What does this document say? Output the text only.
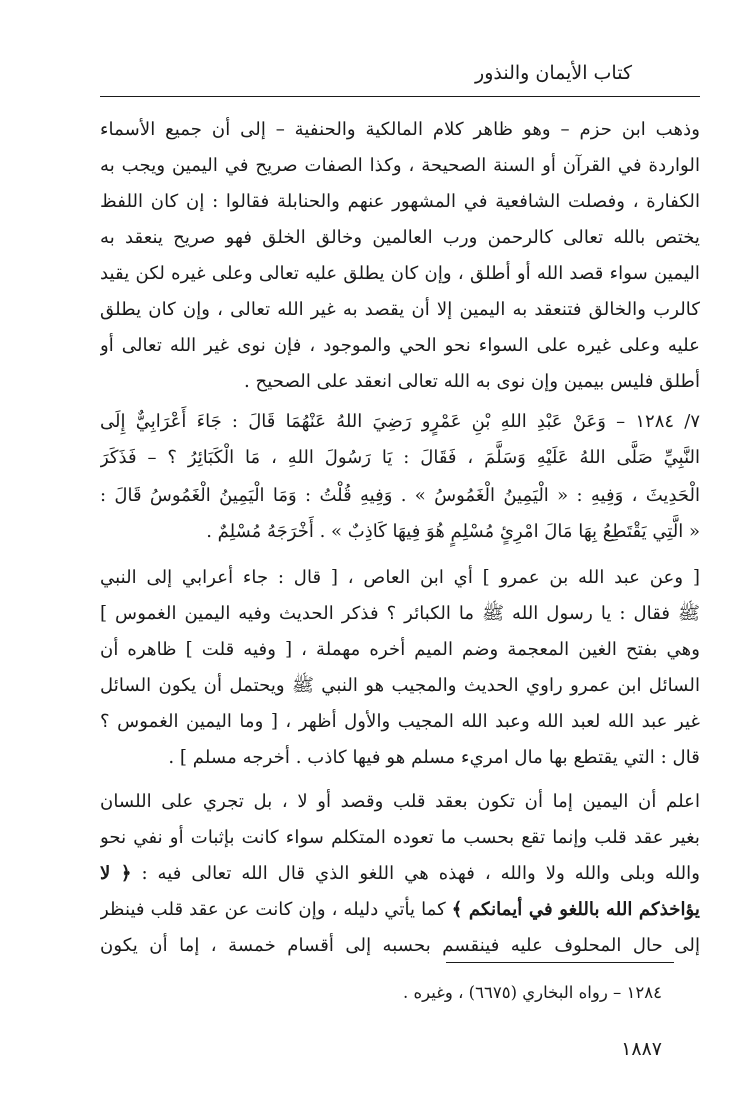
كتاب الأيمان والنذور
وذهب ابن حزم – وهو ظاهر كلام المالكية والحنفية – إلى أن جميع الأسماء
الواردة في القرآن أو السنة الصحيحة ، وكذا الصفات صريح في اليمين ويجب به
الكفارة ، وفصلت الشافعية في المشهور عنهم والحنابلة فقالوا : إن كان اللفظ
يختص بالله تعالى كالرحمن ورب العالمين وخالق الخلق فهو صريح ينعقد به
اليمين سواء قصد الله أو أطلق ، وإن كان يطلق عليه تعالى وعلى غيره لكن يقيد
كالرب والخالق فتنعقد به اليمين إلا أن يقصد به غير الله تعالى ، وإن كان يطلق
عليه وعلى غيره على السواء نحو الحي والموجود ، فإن نوى غير الله تعالى أو
أطلق فليس بيمين وإن نوى به الله تعالى انعقد على الصحيح .
٧/ ١٢٨٤ – وَعَنْ عَبْدِ اللهِ بْنِ عَمْرٍو رَضِيَ اللهُ عَنْهُمَا قَالَ : جَاءَ أَعْرَابِيٌّ إِلَى
النَّبِيِّ صَلَّى اللهُ عَلَيْهِ وَسَلَّمَ ، فَقَالَ : يَا رَسُولَ اللهِ ، مَا الْكَبَائِرُ ؟ – فَذَكَرَ
الْحَدِيثَ ، وَفِيهِ : « الْيَمِينُ الْغَمُوسُ » . وَفِيهِ قُلْتُ : وَمَا الْيَمِينُ الْغَمُوسُ قَالَ :
« الَّتِي يَقْتَطِعُ بِهَا مَالَ امْرِئٍ مُسْلِمٍ هُوَ فِيهَا كَاذِبٌ » . أَخْرَجَهُ مُسْلِمٌ .
[ وعن عبد الله بن عمرو ] أي ابن العاص ، [ قال : جاء أعرابي إلى النبي
ﷺ فقال : يا رسول الله ﷺ ما الكبائر ؟ فذكر الحديث وفيه اليمين الغموس ]
وهي بفتح الغين المعجمة وضم الميم أخره مهملة ، [ وفيه قلت ] ظاهره أن
السائل ابن عمرو راوي الحديث والمجيب هو النبي ﷺ ويحتمل أن يكون السائل
غير عبد الله لعبد الله وعبد الله المجيب والأول أظهر ، [ وما اليمين الغموس ؟
قال : التي يقتطع بها مال امريء مسلم هو فيها كاذب . أخرجه مسلم ] .
اعلم أن اليمين إما أن تكون بعقد قلب وقصد أو لا ، بل تجري على اللسان
بغير عقد قلب وإنما تقع بحسب ما تعوده المتكلم سواء كانت بإثبات أو نفي نحو
والله وبلى والله ولا والله ، فهذه هي اللغو الذي قال الله تعالى فيه : ﴿ لا
يؤاخذكم الله باللغو في أيمانكم ﴾ كما يأتي دليله ، وإن كانت عن عقد قلب فينظر
إلى حال المحلوف عليه فينقسم بحسبه إلى أقسام خمسة ، إما أن يكون
١٢٨٤ – رواه البخاري (٦٦٧٥) ، وغيره .
١٨٨٧
